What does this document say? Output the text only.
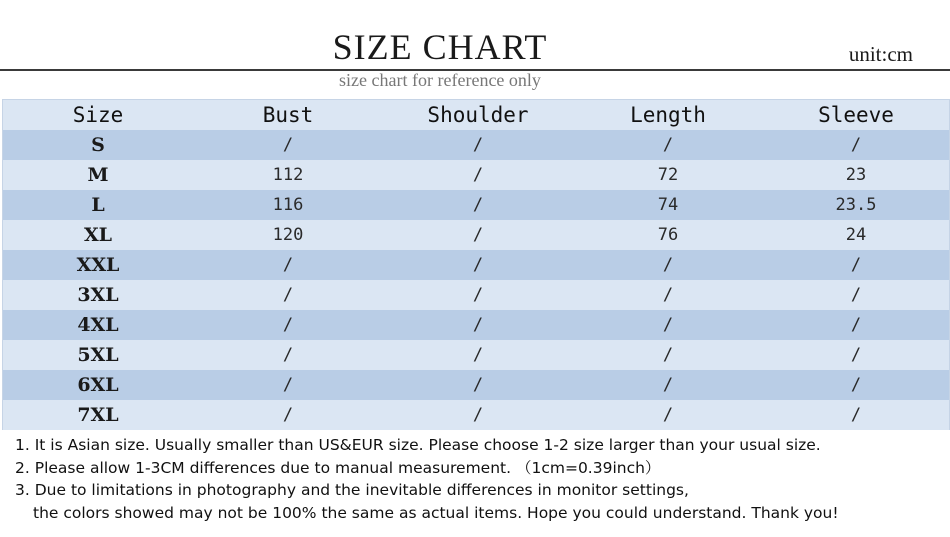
SIZE CHART	unit:cm
size chart for reference only
Size	Bust	Shoulder	Length	Sleeve
S	/	/	/	/
M	112	/	72	23
L	116	/	74	23.5
XL	120	/	76	24
XXL	/	/	/	/
3XL	/	/	/	/
4XL	/	/	/	/
5XL	/	/	/	/
6XL	/	/	/	/
7XL	/	/	/	/
1. It is Asian size. Usually smaller than US&EUR size. Please choose 1-2 size larger than your usual size.
2. Please allow 1-3CM differences due to manual measurement. （1cm=0.39inch）
3. Due to limitations in photography and the inevitable differences in monitor settings,
the colors showed may not be 100% the same as actual items. Hope you could understand. Thank you!
